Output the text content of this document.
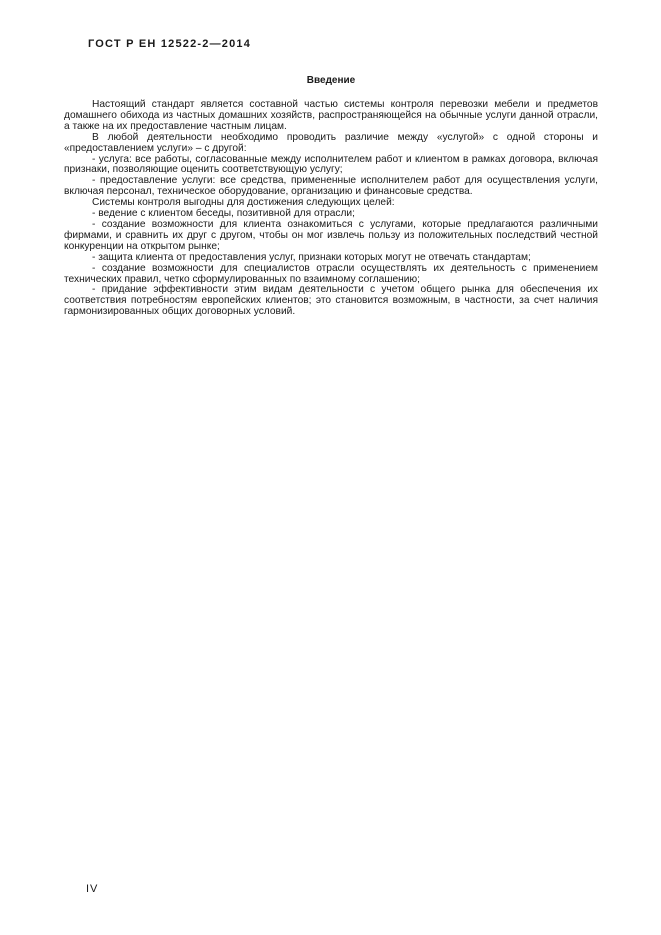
ГОСТ Р ЕН 12522-2—2014
Введение

Настоящий стандарт является составной частью системы контроля перевозки мебели и предметов домашнего обихода из частных домашних хозяйств, распространяющейся на обычные услуги данной отрасли, а также на их предоставление частным лицам.

В любой деятельности необходимо проводить различие между «услугой» с одной стороны и «предоставлением услуги» – с другой:

- услуга: все работы, согласованные между исполнителем работ и клиентом в рамках договора, включая признаки, позволяющие оценить соответствующую услугу;

- предоставление услуги: все средства, примененные исполнителем работ для осуществления услуги, включая персонал, техническое оборудование, организацию и финансовые средства.

Системы контроля выгодны для достижения следующих целей:

- ведение с клиентом беседы, позитивной для отрасли;

- создание возможности для клиента ознакомиться с услугами, которые предлагаются различными фирмами, и сравнить их друг с другом, чтобы он мог извлечь пользу из положительных последствий честной конкуренции на открытом рынке;

- защита клиента от предоставления услуг, признаки которых могут не отвечать стандартам;

- создание возможности для специалистов отрасли осуществлять их деятельность с применением технических правил, четко сформулированных по взаимному соглашению;

- придание эффективности этим видам деятельности с учетом общего рынка для обеспечения их соответствия потребностям европейских клиентов; это становится возможным, в частности, за счет наличия гармонизированных общих договорных условий.

IV
